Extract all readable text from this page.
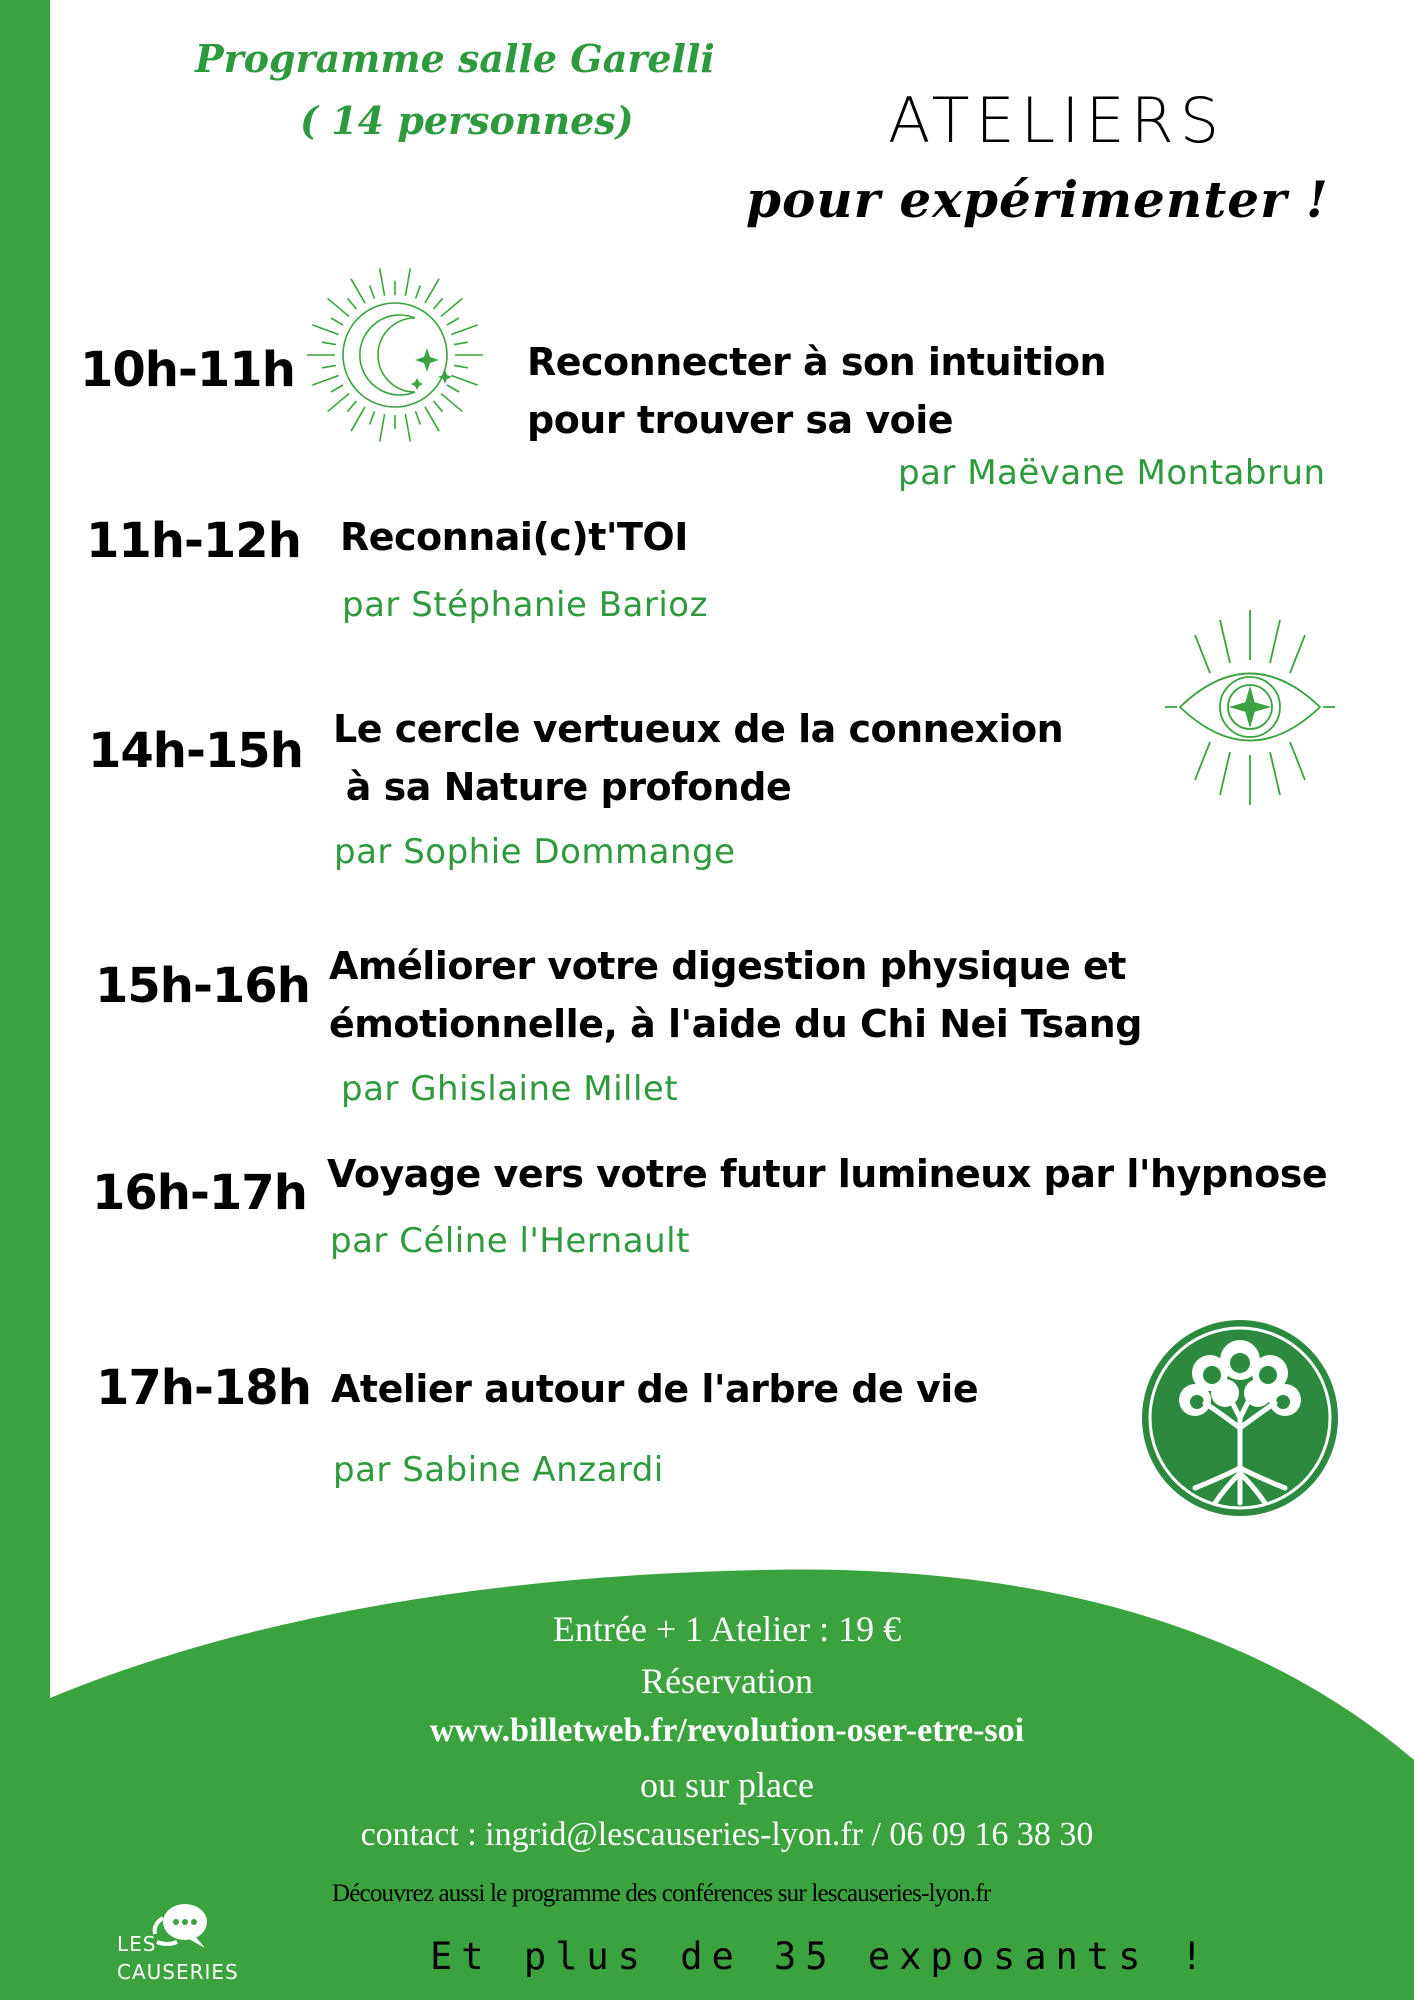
Programme salle Garelli
( 14 personnes)	ATELIERS
pour expérimenter !
10h-11h	Reconnecter à son intuition
pour trouver sa voie
par Maëvane Montabrun
11h-12h Reconnai(c)t'TOI
par Stéphanie Barioz
14h-15h Le cercle vertueux de la connexion
à sa Nature profonde
par Sophie Dommange
15h-16h Améliorer votre digestion physique et
émotionnelle, à l'aide du Chi Nei Tsang
par Ghislaine Millet
16h-17h Voyage vers votre futur lumineux par l'hypnose
par Céline l'Hernault
17h-18h Atelier autour de l'arbre de vie
par Sabine Anzardi
Entrée + 1 Atelier : 19 €
Réservation
www.billetweb.fr/revolution-oser-etre-soi
ou sur place
contact : ingrid@lescauseries-lyon.fr / 06 09 16 38 30
Découvrez aussi le programme des conférences sur lescauseries-lyon.fr
Et plus de 35 exposants !
LES
CAUSERIES
